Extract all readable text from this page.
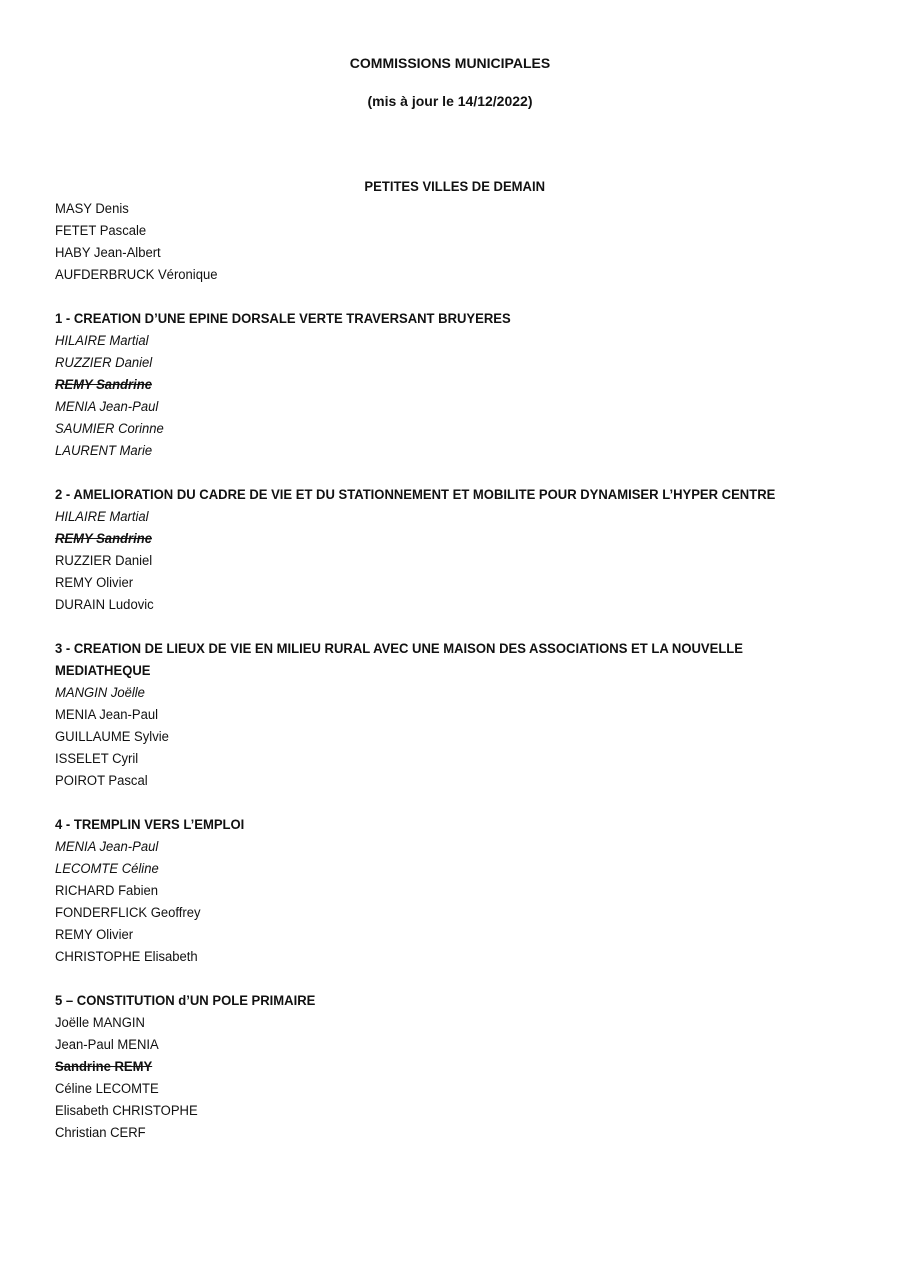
COMMISSIONS MUNICIPALES
(mis à jour le 14/12/2022)
PETITES VILLES DE DEMAIN
MASY Denis
FETET Pascale
HABY Jean-Albert
AUFDERBRUCK Véronique
1 - CREATION D’UNE EPINE DORSALE VERTE TRAVERSANT BRUYERES
HILAIRE Martial
RUZZIER Daniel
REMY Sandrine
MENIA Jean-Paul
SAUMIER Corinne
LAURENT Marie
2 - AMELIORATION DU CADRE DE VIE ET DU STATIONNEMENT ET MOBILITE POUR DYNAMISER L’HYPER CENTRE
HILAIRE Martial
REMY Sandrine
RUZZIER Daniel
REMY Olivier
DURAIN Ludovic
3 - CREATION DE LIEUX DE VIE EN MILIEU RURAL AVEC UNE MAISON DES ASSOCIATIONS ET LA NOUVELLE
MEDIATHEQUE
MANGIN Joëlle
MENIA Jean-Paul
GUILLAUME Sylvie
ISSELET Cyril
POIROT Pascal
4 - TREMPLIN VERS L’EMPLOI
MENIA Jean-Paul
LECOMTE Céline
RICHARD Fabien
FONDERFLICK Geoffrey
REMY Olivier
CHRISTOPHE Elisabeth
5 – CONSTITUTION d’UN POLE PRIMAIRE
Joëlle MANGIN
Jean-Paul MENIA
Sandrine REMY
Céline LECOMTE
Elisabeth CHRISTOPHE
Christian CERF
